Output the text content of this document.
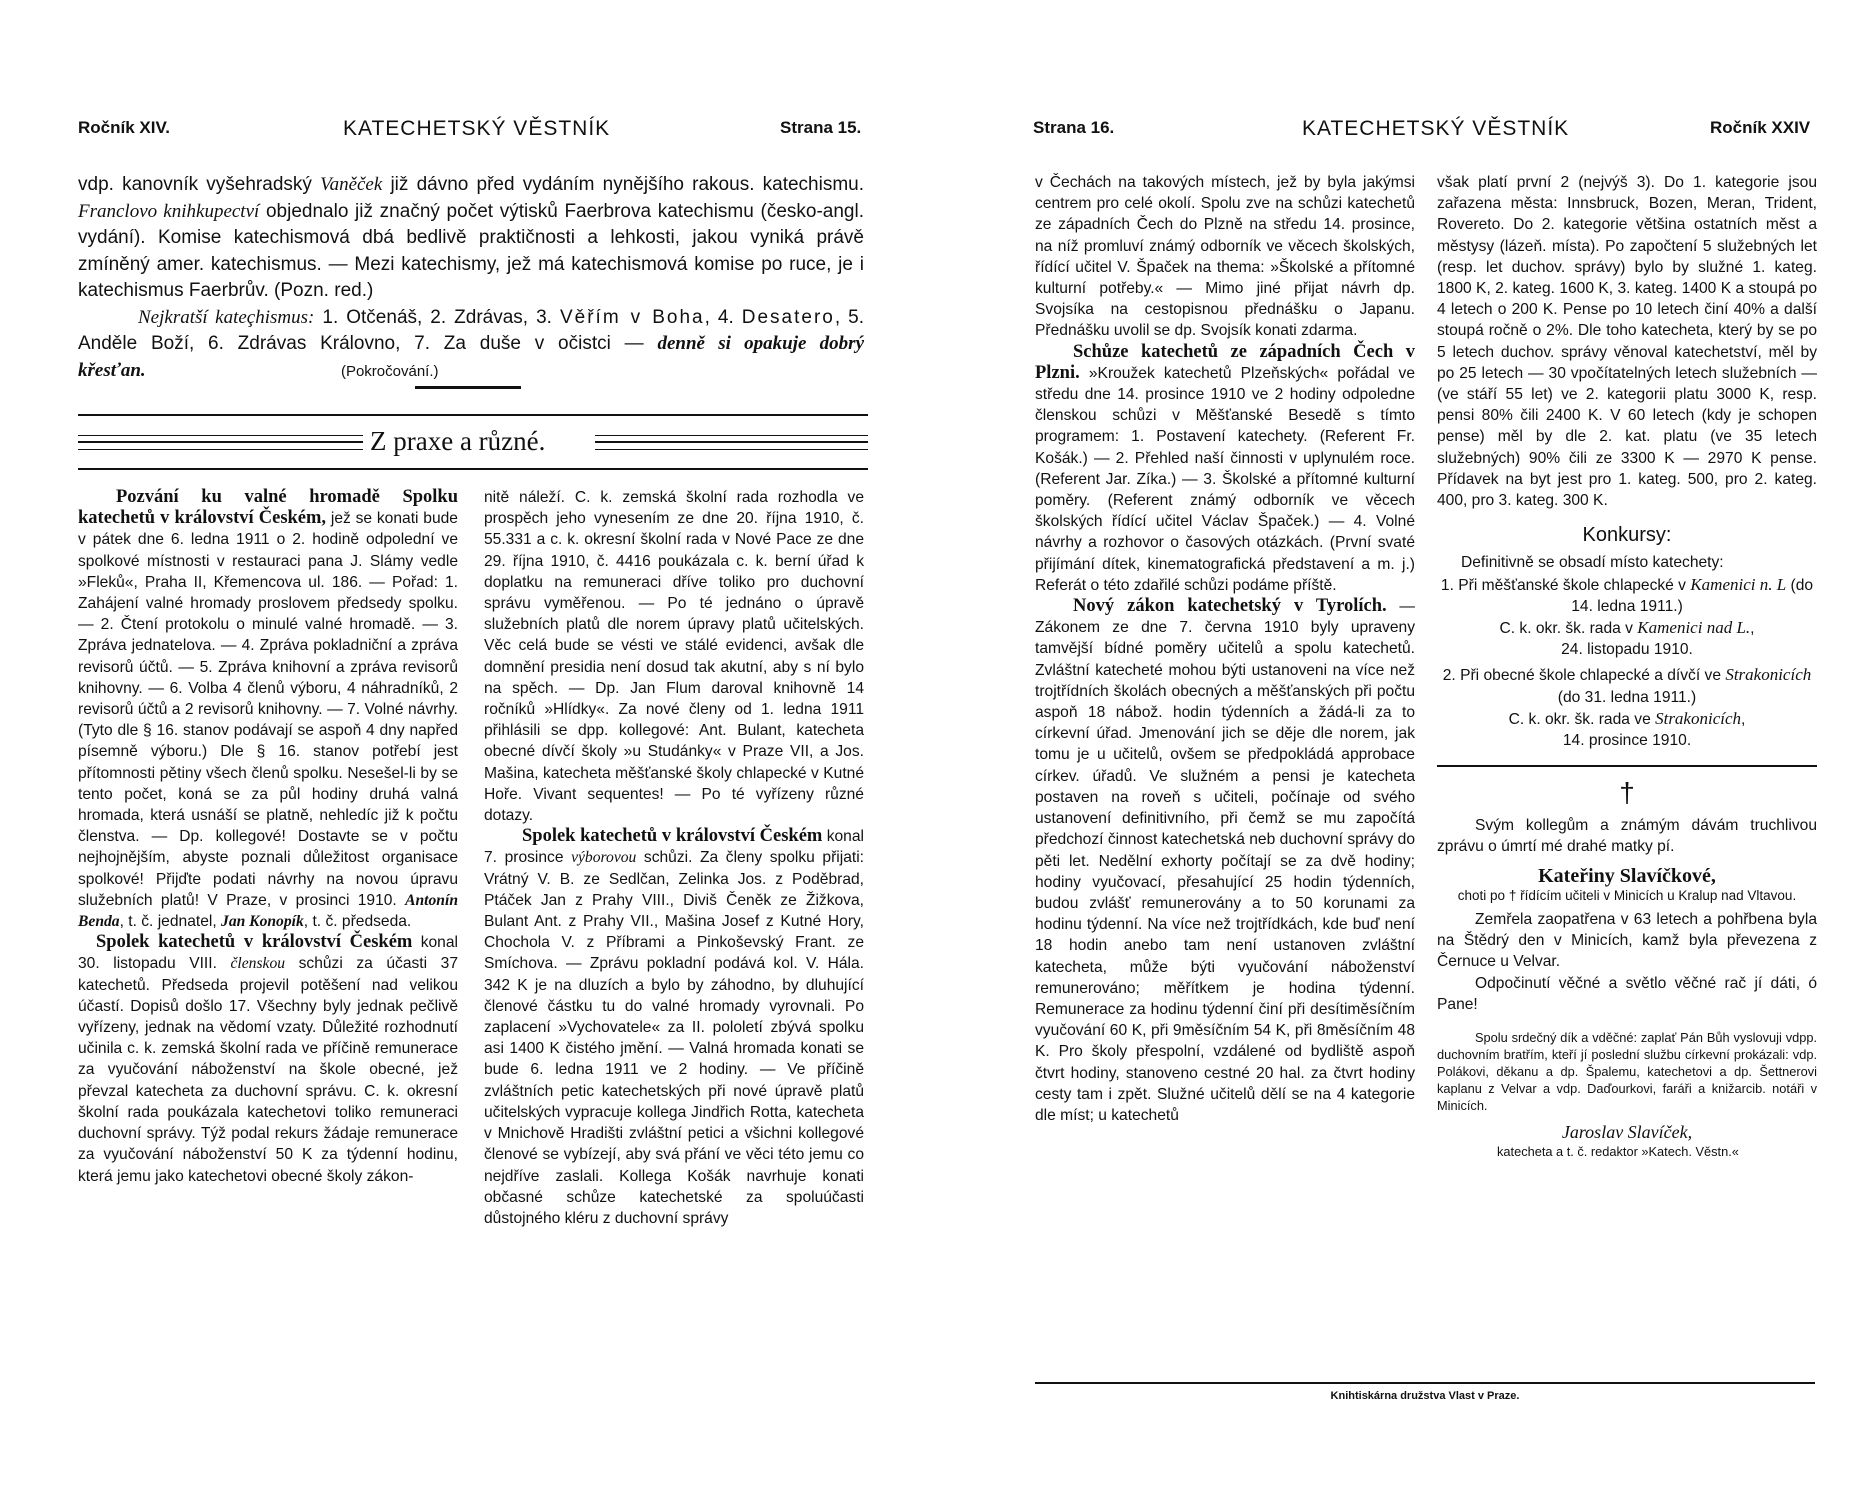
Ročník XIV.	KATECHETSKÝ VĚSTNÍK	Strana 15.

vdp. kanovník vyšehradský Vaněček již dávno před vydáním nynějšího rakous. katechismu. Franclovo knihkupectví objednalo již značný počet výtisků Faerbrova katechismu (česko-angl. vydání). Komise katechismová dbá bedlivě praktičnosti a lehkosti, jakou vyniká právě zmíněný amer. katechismus. — Mezi katechismy, jež má katechismová komise po ruce, je i katechismus Faerbrův. (Pozn. red.)

Nejkratší kateçhismus: 1. Otčenáš, 2. Zdrávas, 3. Věřím v Boha, 4. Desatero, 5. Anděle Boží, 6. Zdrávas Královno, 7. Za duše v očistci — denně si opakuje dobrý křesťan.	(Pokročování.)

Z praxe a různé.

Pozvání ku valné hromadě Spolku katechetů v království Českém, jež se konati bude v pátek dne 6. ledna 1911 o 2. hodině odpolední ve spolkové místnosti v restauraci pana J. Slámy vedle »Fleků«, Praha II, Křemencova ul. 186. — Pořad: 1. Zahájení valné hromady proslovem předsedy spolku. — 2. Čtení protokolu o minulé valné hromadě. — 3. Zpráva jednatelova. — 4. Zpráva pokladniční a zpráva revisorů účtů. — 5. Zpráva knihovní a zpráva revisorů knihovny. — 6. Volba 4 členů výboru, 4 náhradníků, 2 revisorů účtů a 2 revisorů knihovny. — 7. Volné návrhy. (Tyto dle § 16. stanov podávají se aspoň 4 dny napřed písemně výboru.) Dle § 16. stanov potřebí jest přítomnosti pětiny všech členů spolku. Nesešel-li by se tento počet, koná se za půl hodiny druhá valná hromada, která usnáší se platně, nehledíc již k počtu členstva. — Dp. kollegové! Dostavte se v počtu nejhojnějším, abyste poznali důležitost organisace spolkové! Přijďte podati návrhy na novou úpravu služebních platů! V Praze, v prosinci 1910. Antonín Benda, t. č. jednatel, Jan Konopík, t. č. předseda.

Spolek katechetů v království Českém konal 30. listopadu VIII. členskou schůzi za účasti 37 katechetů. Předseda projevil potěšení nad velikou účastí. Dopisů došlo 17. Všechny byly jednak pečlivě vyřízeny, jednak na vědomí vzaty. Důležité rozhodnutí učinila c. k. zemská školní rada ve příčině remunerace za vyučování náboženství na škole obecné, jež převzal katecheta za duchovní správu. C. k. okresní školní rada poukázala katechetovi toliko remuneraci duchovní správy. Týž podal rekurs žádaje remunerace za vyučování náboženství 50 K za týdenní hodinu, která jemu jako katechetovi obecné školy zákon-

nitě náleží. C. k. zemská školní rada rozhodla ve prospěch jeho vynesením ze dne 20. října 1910, č. 55.331 a c. k. okresní školní rada v Nové Pace ze dne 29. října 1910, č. 4416 poukázala c. k. berní úřad k doplatku na remuneraci dříve toliko pro duchovní správu vyměřenou. — Po té jednáno o úpravě služebních platů dle norem úpravy platů učitelských. Věc celá bude se vésti ve stálé evidenci, avšak dle domnění presidia není dosud tak akutní, aby s ní bylo na spěch. — Dp. Jan Flum daroval knihovně 14 ročníků »Hlídky«. Za nové členy od 1. ledna 1911 přihlásili se dpp. kollegové: Ant. Bulant, katecheta obecné dívčí školy »u Studánky« v Praze VII, a Jos. Mašina, katecheta měšťanské školy chlapecké v Kutné Hoře. Vivant sequentes! — Po té vyřízeny různé dotazy.

Spolek katechetů v království Českém konal 7. prosince výborovou schůzi. Za členy spolku přijati: Vrátný V. B. ze Sedlčan, Zelinka Jos. z Poděbrad, Ptáček Jan z Prahy VIII., Diviš Čeněk ze Žižkova, Bulant Ant. z Prahy VII., Mašina Josef z Kutné Hory, Chochola V. z Příbrami a Pinkoševský Frant. ze Smíchova. — Zprávu pokladní podává kol. V. Hála. 342 K je na dluzích a bylo by záhodno, by dluhující členové částku tu do valné hromady vyrovnali. Po zaplacení »Vychovatele« za II. pololetí zbývá spolku asi 1400 K čistého jmění. — Valná hromada konati se bude 6. ledna 1911 ve 2 hodiny. — Ve příčině zvláštních petic katechetských při nové úpravě platů učitelských vypracuje kollega Jindřich Rotta, katecheta v Mnichově Hradišti zvláštní petici a všichni kollegové členové se vybízejí, aby svá přání ve věci této jemu co nejdříve zaslali. Kollega Košák navrhuje konati občasné schůze katechetské za spoluúčasti důstojného kléru z duchovní správy

Strana 16.	KATECHETSKÝ VĚSTNÍK	Ročník XXIV

v Čechách na takových místech, jež by byla jakýmsi centrem pro celé okolí. Spolu zve na schůzi katechetů ze západních Čech do Plzně na středu 14. prosince, na níž promluví známý odborník ve věcech školských, řídící učitel V. Špaček na thema: »Školské a přítomné kulturní potřeby.« — Mimo jiné přijat návrh dp. Svojsíka na cestopisnou přednášku o Japanu. Přednášku uvolil se dp. Svojsík konati zdarma.

Schůze katechetů ze západních Čech v Plzni. »Kroužek katechetů Plzeňských« pořádal ve středu dne 14. prosince 1910 ve 2 hodiny odpoledne členskou schůzi v Měšťanské Besedě s tímto programem: 1. Postavení katechety. (Referent Fr. Košák.) — 2. Přehled naší činnosti v uplynulém roce. (Referent Jar. Zíka.) — 3. Školské a přítomné kulturní poměry. (Referent známý odborník ve věcech školských řídící učitel Václav Špaček.) — 4. Volné návrhy a rozhovor o časových otázkách. (První svaté přijímání dítek, kinematografická představení a m. j.) Referát o této zdařilé schůzi podáme příště.

Nový zákon katechetský v Tyrolích. — Zákonem ze dne 7. června 1910 byly upraveny tamvější bídné poměry učitelů a spolu katechetů. Zvláštní katecheté mohou býti ustanoveni na více než trojtřídních školách obecných a měšťanských při počtu aspoň 18 nábož. hodin týdenních a žádá-li za to církevní úřad. Jmenování jich se děje dle norem, jak tomu je u učitelů, ovšem se předpokládá approbace církev. úřadů. Ve služném a pensi je katecheta postaven na roveň s učiteli, počínaje od svého ustanovení definitivního, při čemž se mu započítá předchozí činnost katechetská neb duchovní správy do pěti let. Nedělní exhorty počítají se za dvě hodiny; hodiny vyučovací, přesahující 25 hodin týdenních, budou zvlášť remunerovány a to 50 korunami za hodinu týdenní. Na více než trojtřídkách, kde buď není 18 hodin anebo tam není ustanoven zvláštní katecheta, může býti vyučování náboženství remunerováno; měřítkem je hodina týdenní. Remunerace za hodinu týdenní činí při desítiměsíčním vyučování 60 K, při 9měsíčním 54 K, při 8měsíčním 48 K. Pro školy přespolní, vzdálené od bydliště aspoň čtvrt hodiny, stanoveno cestné 20 hal. za čtvrt hodiny cesty tam i zpět. Služné učitelů dělí se na 4 kategorie dle míst; u katechetů

však platí první 2 (nejvýš 3). Do 1. kategorie jsou zařazena města: Innsbruck, Bozen, Meran, Trident, Rovereto. Do 2. kategorie většina ostatních měst a městysy (lázeň. místa). Po započtení 5 služebných let (resp. let duchov. správy) bylo by služné 1. kateg. 1800 K, 2. kateg. 1600 K, 3. kateg. 1400 K a stoupá po 4 letech o 200 K. Pense po 10 letech činí 40% a další stoupá ročně o 2%. Dle toho katecheta, který by se po 5 letech duchov. správy věnoval katechetství, měl by po 25 letech — 30 vpočítatelných letech služebních — (ve stáří 55 let) ve 2. kategorii platu 3000 K, resp. pensi 80% čili 2400 K. V 60 letech (kdy je schopen pense) měl by dle 2. kat. platu (ve 35 letech služebných) 90% čili ze 3300 K — 2970 K pense. Přídavek na byt jest pro 1. kateg. 500, pro 2. kateg. 400, pro 3. kateg. 300 K.

Konkursy:

Definitivně se obsadí místo katechety:

1. Při měšťanské škole chlapecké v Kamenici n. L (do 14. ledna 1911.)

C. k. okr. šk. rada v Kamenici nad L.,

24. listopadu 1910.

2. Při obecné škole chlapecké a dívčí ve Strakonicích (do 31. ledna 1911.)

C. k. okr. šk. rada ve Strakonicích,

14. prosince 1910.

†

Svým kollegům a známým dávám truchlivou zprávu o úmrtí mé drahé matky pí.

Kateřiny Slavíčkové,

choti po † řídícím učiteli v Minicích u Kralup nad Vltavou.

Zemřela zaopatřena v 63 letech a pohřbena byla na Štědrý den v Minicích, kamž byla převezena z Černuce u Velvar.

Odpočinutí věčné a světlo věčné rač jí dáti, ó Pane!

Spolu srdečný dík a vděčné: zaplať Pán Bůh vyslovuji vdpp. duchovním bratřím, kteří jí poslední službu církevní prokázali: vdp. Polákovi, děkanu a dp. Špalemu, katechetovi a dp. Šettnerovi kaplanu z Velvar a vdp. Daďourkovi, faráři a knižarcib. notáři v Minicích.

Jaroslav Slavíček,

katecheta a t. č. redaktor »Katech. Věstn.«

Knihtiskárna družstva Vlast v Praze.
